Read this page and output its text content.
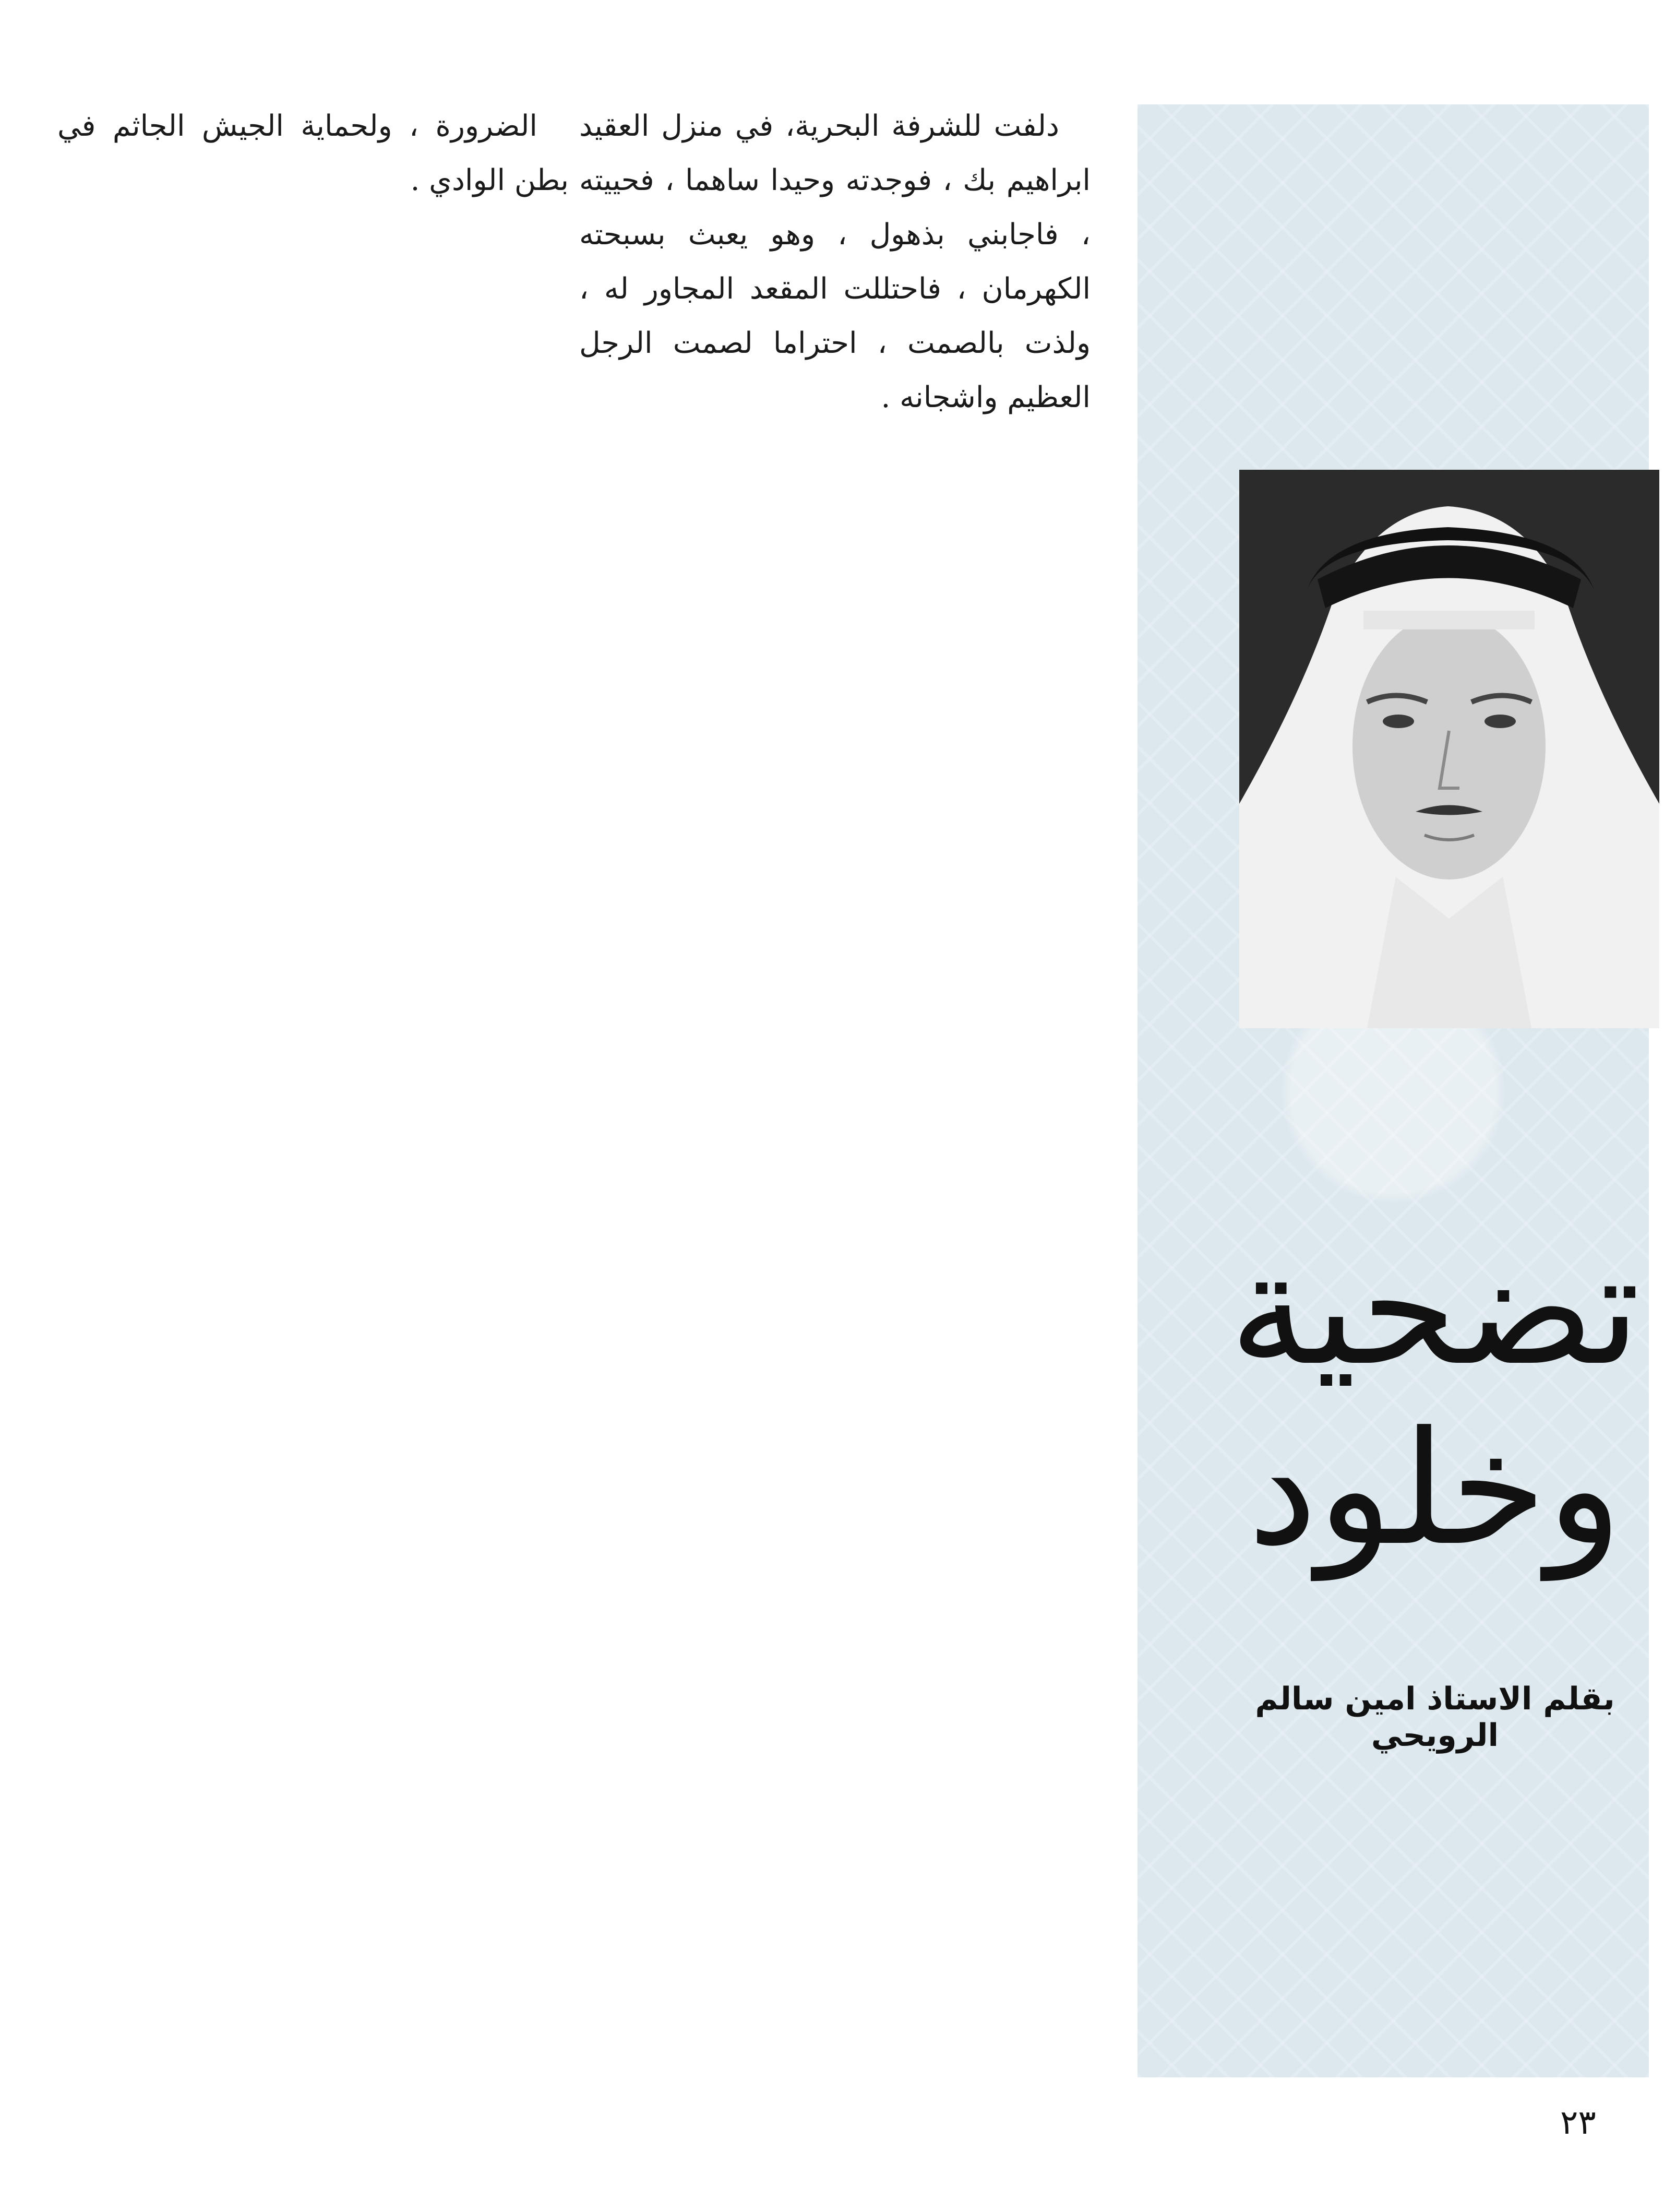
تضحية
وخلود
بقلم الاستاذ امين سالم الرويحي

دلفت للشرفة البحرية، في منزل العقيد ابراهيم بك ، فوجدته وحيدا ساهما ، فحييته ، فاجابني بذهول ، وهو يعبث بسبحته الكهرمان ، فاحتللت المقعد المجاور له ، ولذت بالصمت ، احتراما لصمت الرجل العظيم واشجانه .

الضرورة ، ولحماية الجيش الجاثم في بطن الوادي .

٢٣
